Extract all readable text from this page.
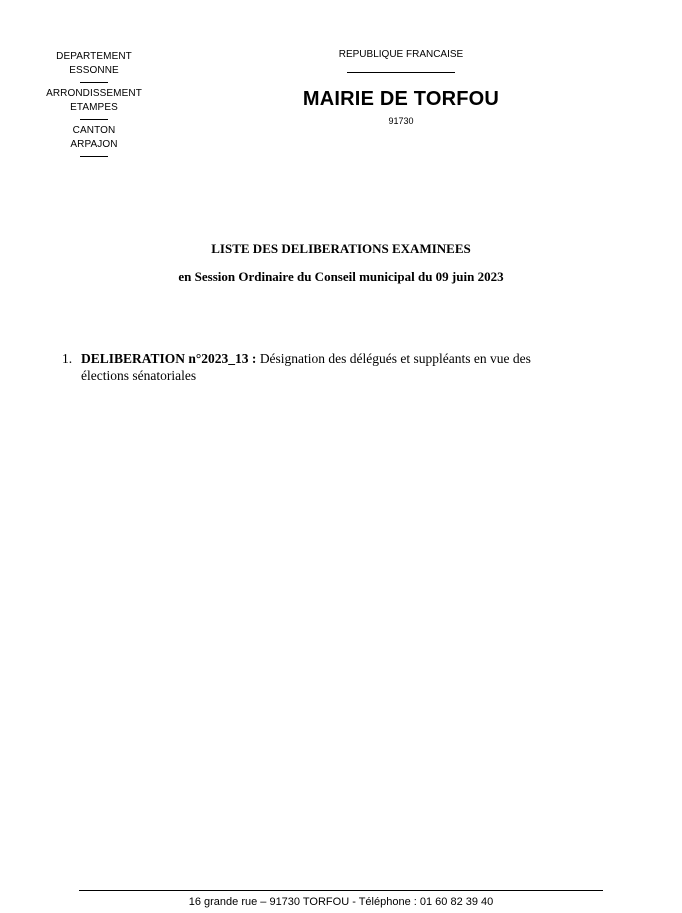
DEPARTEMENT
ESSONNE
ARRONDISSEMENT
ETAMPES
CANTON
ARPAJON
REPUBLIQUE FRANCAISE
MAIRIE DE TORFOU
91730
LISTE DES DELIBERATIONS EXAMINEES
en Session Ordinaire du Conseil municipal du 09 juin 2023
1. DELIBERATION n°2023_13 : Désignation des délégués et suppléants en vue des élections sénatoriales
16 grande rue – 91730 TORFOU - Téléphone : 01 60 82 39 40
